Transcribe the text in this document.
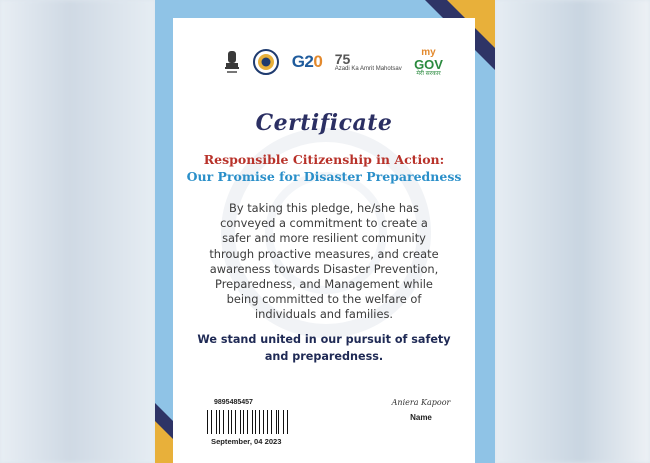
G20 75
Azadi Ka Amrit Mahotsav
my
GOV
मेरी सरकार
Certificate
Responsible Citizenship in Action:
Our Promise for Disaster Preparedness
By taking this pledge, he/she has
conveyed a commitment to create a
safer and more resilient community
through proactive measures, and create
awareness towards Disaster Prevention,
Preparedness, and Management while
being committed to the welfare of
individuals and families.
We stand united in our pursuit of safety
and preparedness.
9895485457
September, 04 2023
Aniera Kapoor
Name
